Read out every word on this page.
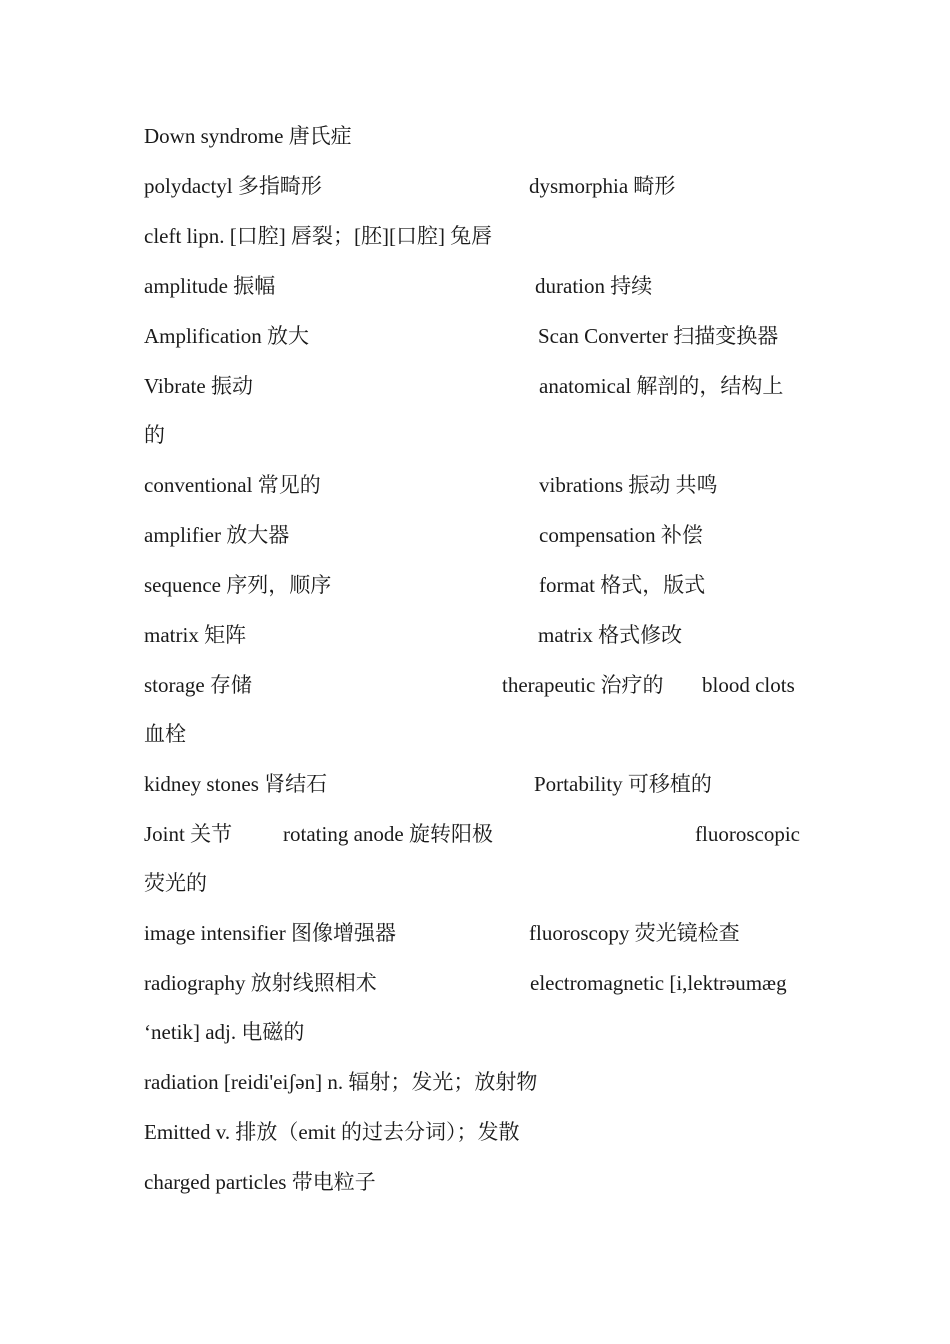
Down syndrome 唐氏症
polydactyl 多指畸形	dysmorphia 畸形
cleft lipn. [口腔] 唇裂；[胚][口腔] 兔唇
amplitude 振幅	duration 持续
Amplification 放大	Scan Converter 扫描变换器
Vibrate 振动	anatomical 解剖的，结构上
的
conventional 常见的	vibrations 振动 共鸣
amplifier 放大器	compensation 补偿
sequence 序列，顺序	format 格式，版式
matrix 矩阵	matrix 格式修改
storage 存储	therapeutic 治疗的 blood clots
血栓
kidney stones 肾结石	Portability 可移植的
Joint 关节 rotating anode 旋转阳极	fluoroscopic
荧光的
image intensifier 图像增强器	fluoroscopy 荧光镜检查
radiography 放射线照相术	electromagnetic [i,lektrəumæg
‘netik] adj. 电磁的
radiation [reidi'eiʃən] n. 辐射；发光；放射物
Emitted v. 排放（emit 的过去分词）；发散
charged particles 带电粒子
